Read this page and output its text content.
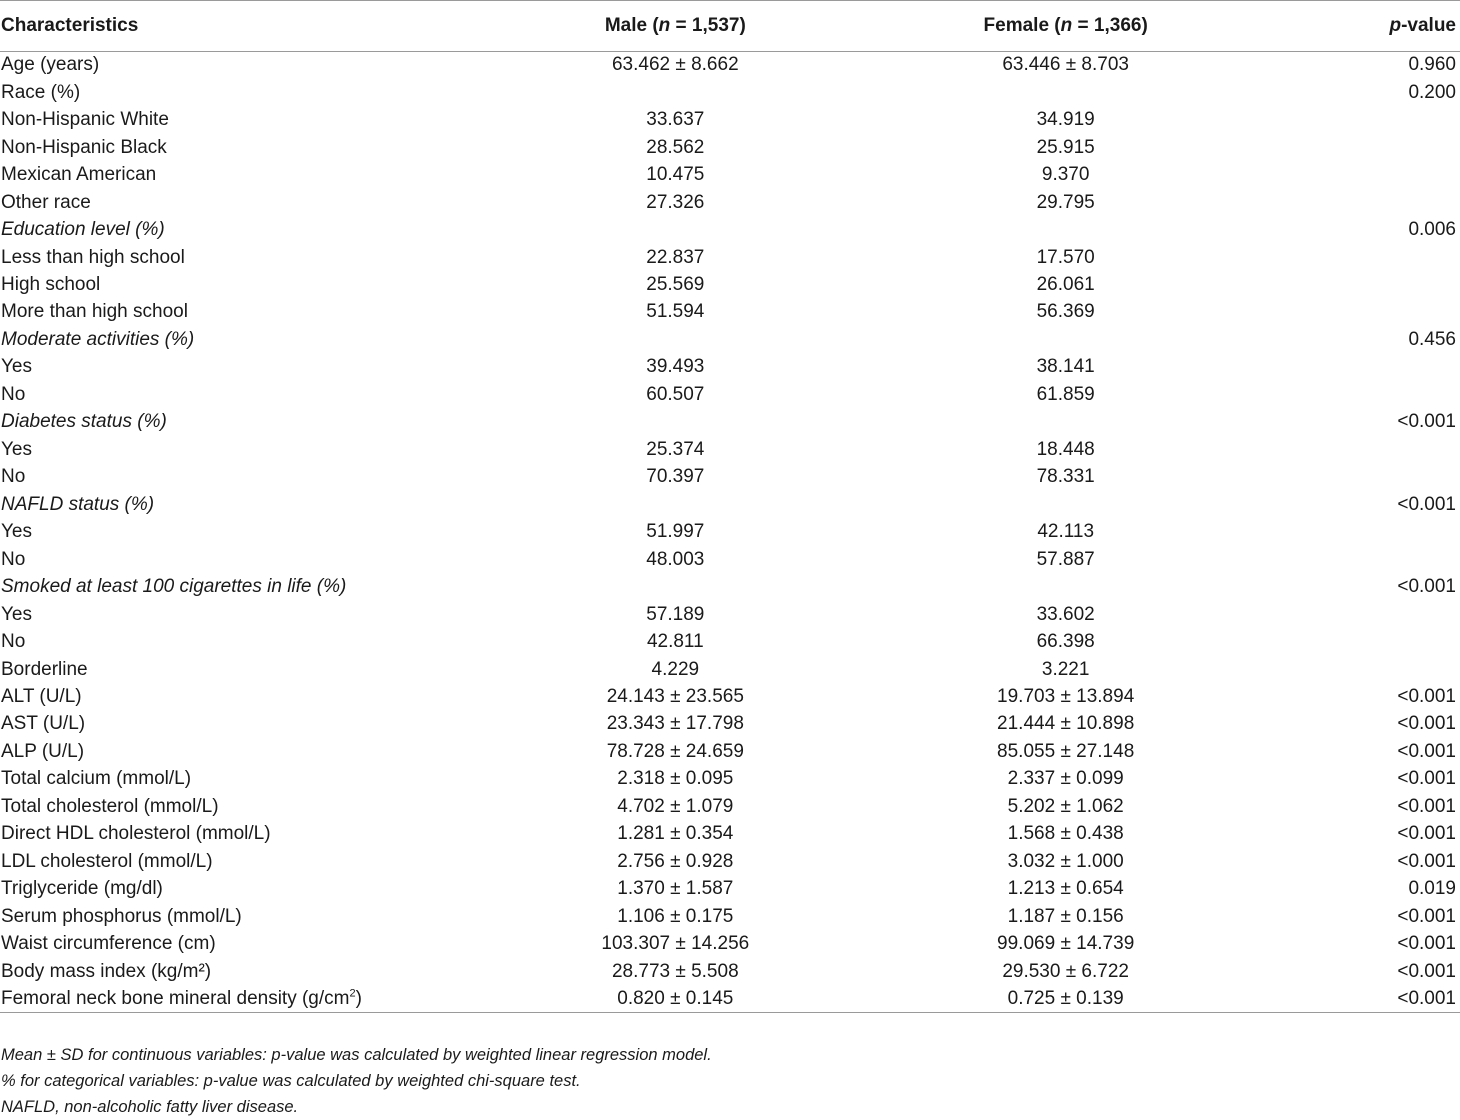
Characteristics	Male (n = 1,537)	Female (n = 1,366)	p-value
Age (years)	63.462 ± 8.662	63.446 ± 8.703	0.960
Race (%)			0.200
Non-Hispanic White	33.637	34.919	
Non-Hispanic Black	28.562	25.915	
Mexican American	10.475	9.370	
Other race	27.326	29.795	
Education level (%)			0.006
Less than high school	22.837	17.570	
High school	25.569	26.061	
More than high school	51.594	56.369	
Moderate activities (%)			0.456
Yes	39.493	38.141	
No	60.507	61.859	
Diabetes status (%)			<0.001
Yes	25.374	18.448	
No	70.397	78.331	
NAFLD status (%)			<0.001
Yes	51.997	42.113	
No	48.003	57.887	
Smoked at least 100 cigarettes in life (%)			<0.001
Yes	57.189	33.602	
No	42.811	66.398	
Borderline	4.229	3.221	
ALT (U/L)	24.143 ± 23.565	19.703 ± 13.894	<0.001
AST (U/L)	23.343 ± 17.798	21.444 ± 10.898	<0.001
ALP (U/L)	78.728 ± 24.659	85.055 ± 27.148	<0.001
Total calcium (mmol/L)	2.318 ± 0.095	2.337 ± 0.099	<0.001
Total cholesterol (mmol/L)	4.702 ± 1.079	5.202 ± 1.062	<0.001
Direct HDL cholesterol (mmol/L)	1.281 ± 0.354	1.568 ± 0.438	<0.001
LDL cholesterol (mmol/L)	2.756 ± 0.928	3.032 ± 1.000	<0.001
Triglyceride (mg/dl)	1.370 ± 1.587	1.213 ± 0.654	0.019
Serum phosphorus (mmol/L)	1.106 ± 0.175	1.187 ± 0.156	<0.001
Waist circumference (cm)	103.307 ± 14.256	99.069 ± 14.739	<0.001
Body mass index (kg/m²)	28.773 ± 5.508	29.530 ± 6.722	<0.001
Femoral neck bone mineral density $(g/cm^2)$	0.820 ± 0.145	0.725 ± 0.139	<0.001
Mean ± SD for continuous variables: p-value was calculated by weighted linear regression model.
% for categorical variables: p-value was calculated by weighted chi-square test.
NAFLD, non-alcoholic fatty liver disease.
